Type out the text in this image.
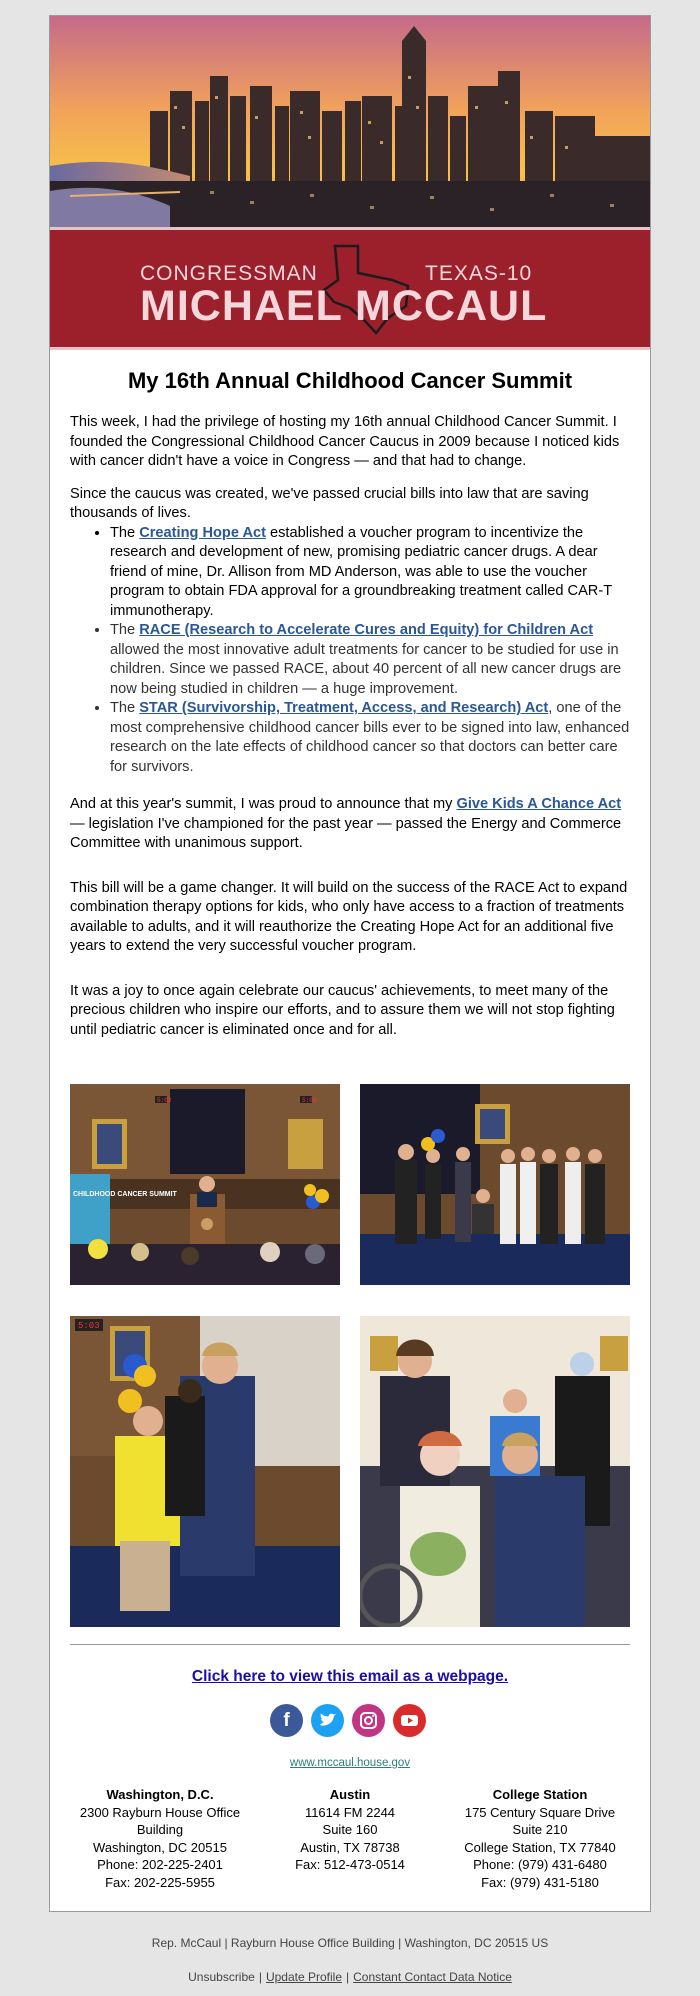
CONGRESSMAN	TEXAS-10
MICHAEL MCCAUL
My 16th Annual Childhood Cancer Summit

This week, I had the privilege of hosting my 16th annual Childhood Cancer Summit. I founded the Congressional Childhood Cancer Caucus in 2009 because I noticed kids with cancer didn't have a voice in Congress — and that had to change.

Since the caucus was created, we've passed crucial bills into law that are saving thousands of lives.

• The Creating Hope Act established a voucher program to incentivize the research and development of new, promising pediatric cancer drugs. A dear friend of mine, Dr. Allison from MD Anderson, was able to use the voucher program to obtain FDA approval for a groundbreaking treatment called CAR-T immunotherapy.
• The RACE (Research to Accelerate Cures and Equity) for Children Act allowed the most innovative adult treatments for cancer to be studied for use in children. Since we passed RACE, about 40 percent of all new cancer drugs are now being studied in children — a huge improvement.
• The STAR (Survivorship, Treatment, Access, and Research) Act, one of the most comprehensive childhood cancer bills ever to be signed into law, enhanced research on the late effects of childhood cancer so that doctors can better care for survivors.

And at this year's summit, I was proud to announce that my Give Kids A Chance Act — legislation I've championed for the past year — passed the Energy and Commerce Committee with unanimous support.

This bill will be a game changer. It will build on the success of the RACE Act to expand combination therapy options for kids, who only have access to a fraction of treatments available to adults, and it will reauthorize the Creating Hope Act for an additional five years to extend the very successful voucher program.

It was a joy to once again celebrate our caucus' achievements, to meet many of the precious children who inspire our efforts, and to assure them we will not stop fighting until pediatric cancer is eliminated once and for all.

5:02	5:03
CHILDHOOD CANCER SUMMIT
5:03
Click here to view this email as a webpage.
f
www.mccaul.house.gov
Washington, D.C.
2300 Rayburn House Office
Building
Washington, DC 20515
Phone: 202-225-2401
Fax: 202-225-5955
Austin
11614 FM 2244
Suite 160
Austin, TX 78738
Fax: 512-473-0514
College Station
175 Century Square Drive
Suite 210
College Station, TX 77840
Phone: (979) 431-6480
Fax: (979) 431-5180
Rep. McCaul | Rayburn House Office Building | Washington, DC 20515 US
Unsubscribe | Update Profile | Constant Contact Data Notice
